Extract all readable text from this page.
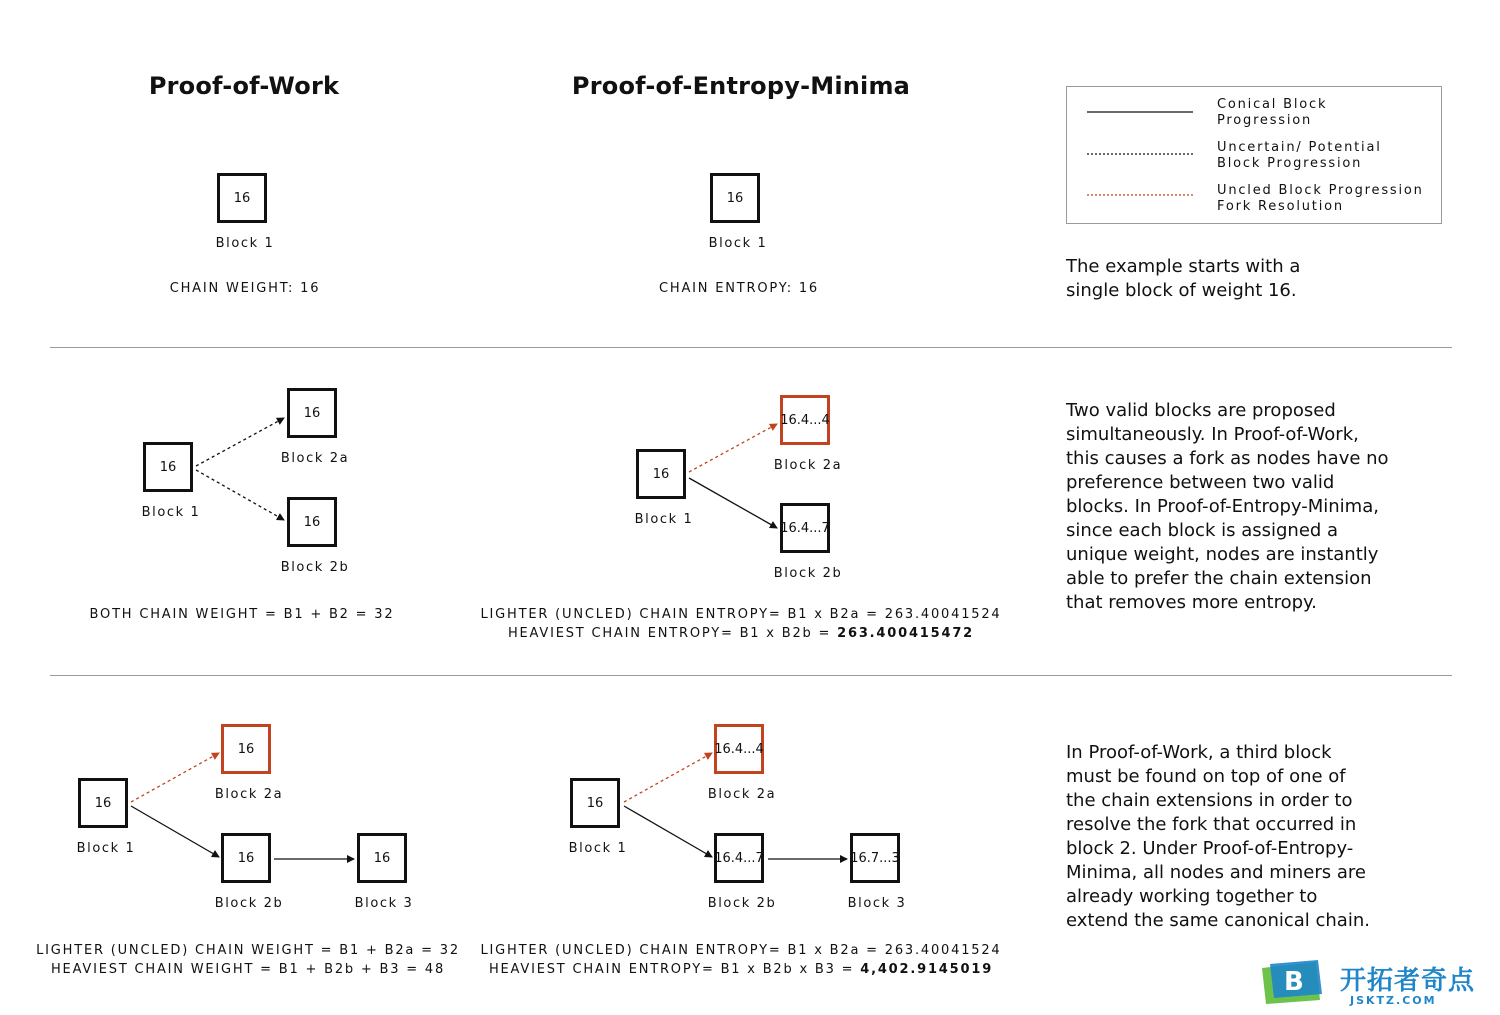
Proof-of-Work	Proof-of-Entropy-Minima
Conical Block
Progression
Uncertain/ Potential
Block Progression
Uncled Block Progression
Fork Resolution
16
Block 1
CHAIN WEIGHT: 16
16
Block 1
CHAIN ENTROPY: 16
The example starts with a
single block of weight 16.
16
Block 1
16
Block 2a
16
Block 2b
BOTH CHAIN WEIGHT = B1 + B2 = 32
16
Block 1
16.4...4
Block 2a
16.4...7
Block 2b
LIGHTER (UNCLED) CHAIN ENTROPY= B1 x B2a = 263.40041524
HEAVIEST CHAIN ENTROPY= B1 x B2b = 263.400415472
Two valid blocks are proposed
simultaneously. In Proof-of-Work,
this causes a fork as nodes have no
preference between two valid
blocks. In Proof-of-Entropy-Minima,
since each block is assigned a
unique weight, nodes are instantly
able to prefer the chain extension
that removes more entropy.
16
Block 1
16
Block 2a
16
Block 2b
16
Block 3
LIGHTER (UNCLED) CHAIN WEIGHT = B1 + B2a = 32
HEAVIEST CHAIN WEIGHT = B1 + B2b + B3 = 48
16
Block 1
16.4...4
Block 2a
16.4...7
Block 2b
16.7...3
Block 3
LIGHTER (UNCLED) CHAIN ENTROPY= B1 x B2a = 263.40041524
HEAVIEST CHAIN ENTROPY= B1 x B2b x B3 = 4,402.9145019
In Proof-of-Work, a third block
must be found on top of one of
the chain extensions in order to
resolve the fork that occurred in
block 2. Under Proof-of-Entropy-
Minima, all nodes and miners are
already working together to
extend the same canonical chain.
B 开拓者奇点
JSKTZ.COM
